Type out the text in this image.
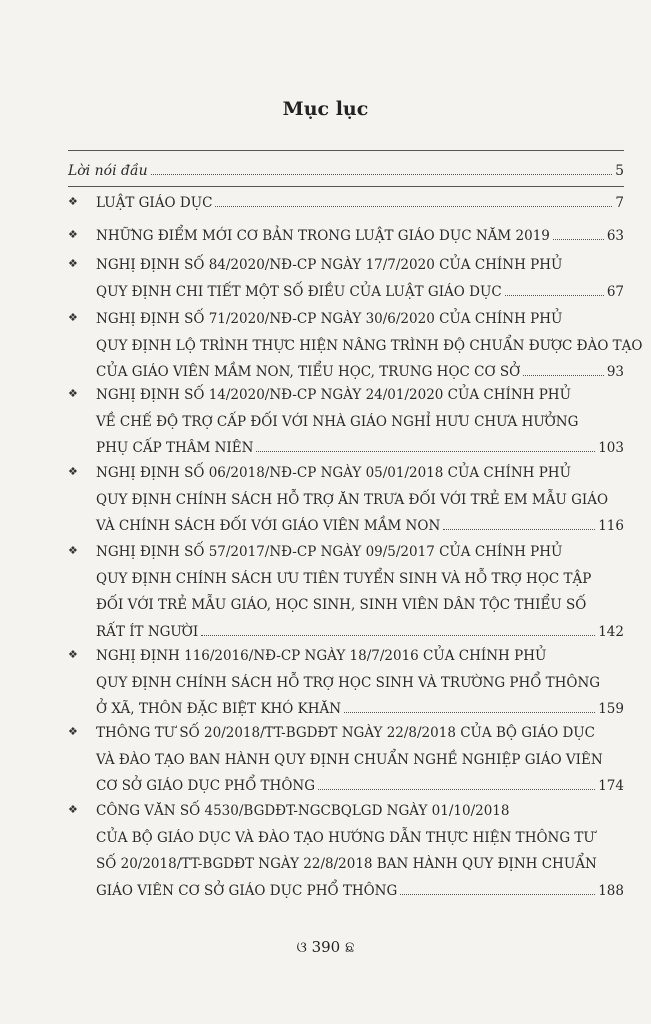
Mục lục
Lời nói đầu	5
❖ LUẬT GIÁO DỤC	7
❖ NHỮNG ĐIỂM MỚI CƠ BẢN TRONG LUẬT GIÁO DỤC NĂM 2019	63
❖ NGHỊ ĐỊNH SỐ 84/2020/NĐ-CP NGÀY 17/7/2020 CỦA CHÍNH PHỦ
QUY ĐỊNH CHI TIẾT MỘT SỐ ĐIỀU CỦA LUẬT GIÁO DỤC	67
❖ NGHỊ ĐỊNH SỐ 71/2020/NĐ-CP NGÀY 30/6/2020 CỦA CHÍNH PHỦ
QUY ĐỊNH LỘ TRÌNH THỰC HIỆN NÂNG TRÌNH ĐỘ CHUẨN ĐƯỢC ĐÀO TẠO
CỦA GIÁO VIÊN MẦM NON, TIỂU HỌC, TRUNG HỌC CƠ SỞ	93
❖ NGHỊ ĐỊNH SỐ 14/2020/NĐ-CP NGÀY 24/01/2020 CỦA CHÍNH PHỦ
VỀ CHẾ ĐỘ TRỢ CẤP ĐỐI VỚI NHÀ GIÁO NGHỈ HƯU CHƯA HƯỞNG
PHỤ CẤP THÂM NIÊN	103
❖ NGHỊ ĐỊNH SỐ 06/2018/NĐ-CP NGÀY 05/01/2018 CỦA CHÍNH PHỦ
QUY ĐỊNH CHÍNH SÁCH HỖ TRỢ ĂN TRƯA ĐỐI VỚI TRẺ EM MẪU GIÁO
VÀ CHÍNH SÁCH ĐỐI VỚI GIÁO VIÊN MẦM NON	116
❖ NGHỊ ĐỊNH SỐ 57/2017/NĐ-CP NGÀY 09/5/2017 CỦA CHÍNH PHỦ
QUY ĐỊNH CHÍNH SÁCH ƯU TIÊN TUYỂN SINH VÀ HỖ TRỢ HỌC TẬP
ĐỐI VỚI TRẺ MẪU GIÁO, HỌC SINH, SINH VIÊN DÂN TỘC THIỂU SỐ
RẤT ÍT NGƯỜI	142
❖ NGHỊ ĐỊNH 116/2016/NĐ-CP NGÀY 18/7/2016 CỦA CHÍNH PHỦ
QUY ĐỊNH CHÍNH SÁCH HỖ TRỢ HỌC SINH VÀ TRƯỜNG PHỔ THÔNG
Ở XÃ, THÔN ĐẶC BIỆT KHÓ KHĂN	159
❖ THÔNG TƯ SỐ 20/2018/TT-BGDĐT NGÀY 22/8/2018 CỦA BỘ GIÁO DỤC
VÀ ĐÀO TẠO BAN HÀNH QUY ĐỊNH CHUẨN NGHỀ NGHIỆP GIÁO VIÊN
CƠ SỞ GIÁO DỤC PHỔ THÔNG	174
❖ CÔNG VĂN SỐ 4530/BGDĐT-NGCBQLGD NGÀY 01/10/2018
CỦA BỘ GIÁO DỤC VÀ ĐÀO TẠO HƯỚNG DẪN THỰC HIỆN THÔNG TƯ
SỐ 20/2018/TT-BGDĐT NGÀY 22/8/2018 BAN HÀNH QUY ĐỊNH CHUẨN
GIÁO VIÊN CƠ SỞ GIÁO DỤC PHỔ THÔNG	188
ଓ 390 ଛ
